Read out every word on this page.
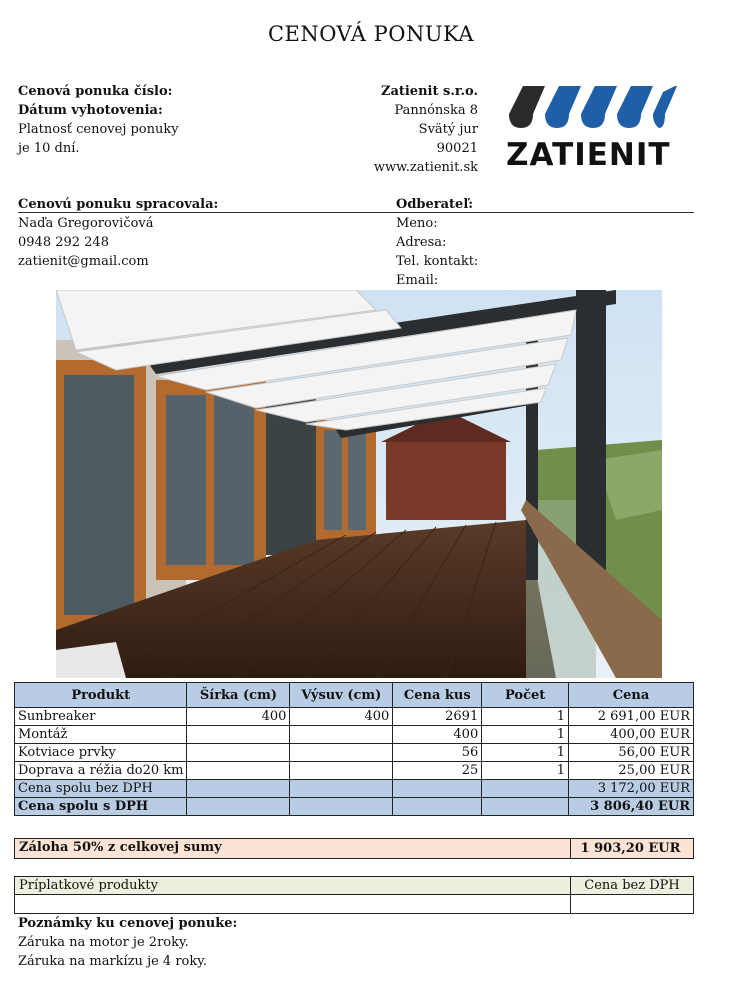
CENOVÁ PONUKA
Cenová ponuka číslo:
Dátum vyhotovenia:
Platnosť cenovej ponuky
je 10 dní.
Zatienit s.r.o.
Pannónska 8
Svätý jur
90021
www.zatienit.sk ZATIENIT
Cenovú ponuku spracovala:	Odberateľ:
Naďa Gregorovičová
0948 292 248
zatienit@gmail.com
Meno:
Adresa:
Tel. kontakt:
Email:
Produkt	Šírka (cm)	Výsuv (cm)	Cena kus	Počet	Cena
Sunbreaker	400	400	2691	1	2 691,00 EUR
Montáž			400	1	400,00 EUR
Kotviace prvky			56	1	56,00 EUR
Doprava a réžia do20 km			25	1	25,00 EUR
Cena spolu bez DPH					3 172,00 EUR
Cena spolu s DPH					3 806,40 EUR
Záloha 50% z celkovej sumy	1 903,20 EUR
Príplatkové produkty	Cena bez DPH
Poznámky ku cenovej ponuke:
Záruka na motor je 2roky.
Záruka na markízu je 4 roky.
